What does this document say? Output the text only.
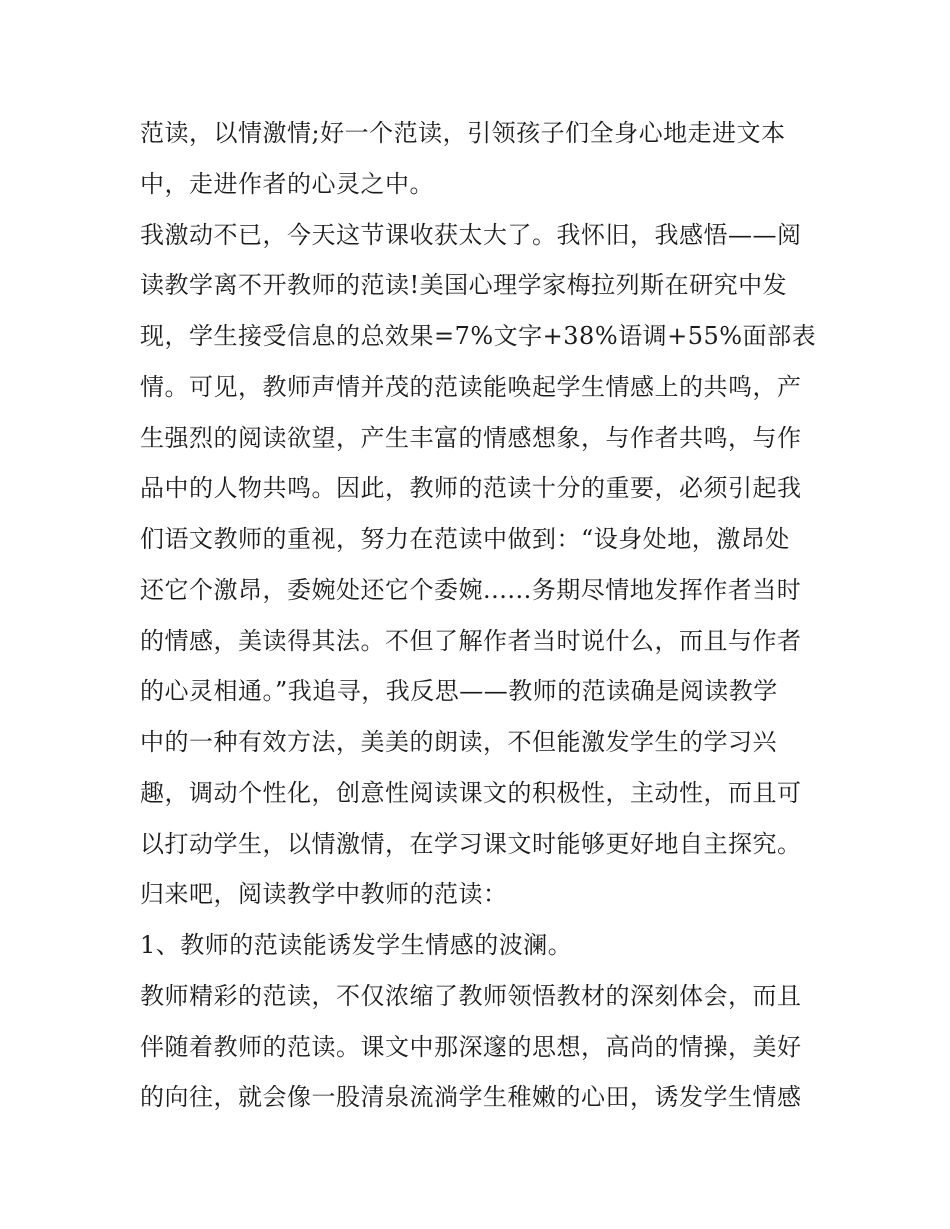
范读，以情激情;好一个范读，引领孩子们全身心地走进文本
中，走进作者的心灵之中。
我激动不已，今天这节课收获太大了。我怀旧，我感悟——阅
读教学离不开教师的范读!美国心理学家梅拉列斯在研究中发
现，学生接受信息的总效果=7%文字+38%语调+55%面部表
情。可见，教师声情并茂的范读能唤起学生情感上的共鸣，产
生强烈的阅读欲望，产生丰富的情感想象，与作者共鸣，与作
品中的人物共鸣。因此，教师的范读十分的重要，必须引起我
们语文教师的重视，努力在范读中做到：“设身处地，激昂处
还它个激昂，委婉处还它个委婉......务期尽情地发挥作者当时
的情感，美读得其法。不但了解作者当时说什么，而且与作者
的心灵相通。”我追寻，我反思——教师的范读确是阅读教学
中的一种有效方法，美美的朗读，不但能激发学生的学习兴
趣，调动个性化，创意性阅读课文的积极性，主动性，而且可
以打动学生，以情激情，在学习课文时能够更好地自主探究。
归来吧，阅读教学中教师的范读：
1、教师的范读能诱发学生情感的波澜。
教师精彩的范读，不仅浓缩了教师领悟教材的深刻体会，而且
伴随着教师的范读。课文中那深邃的思想，高尚的情操，美好
的向往，就会像一股清泉流淌学生稚嫩的心田，诱发学生情感
